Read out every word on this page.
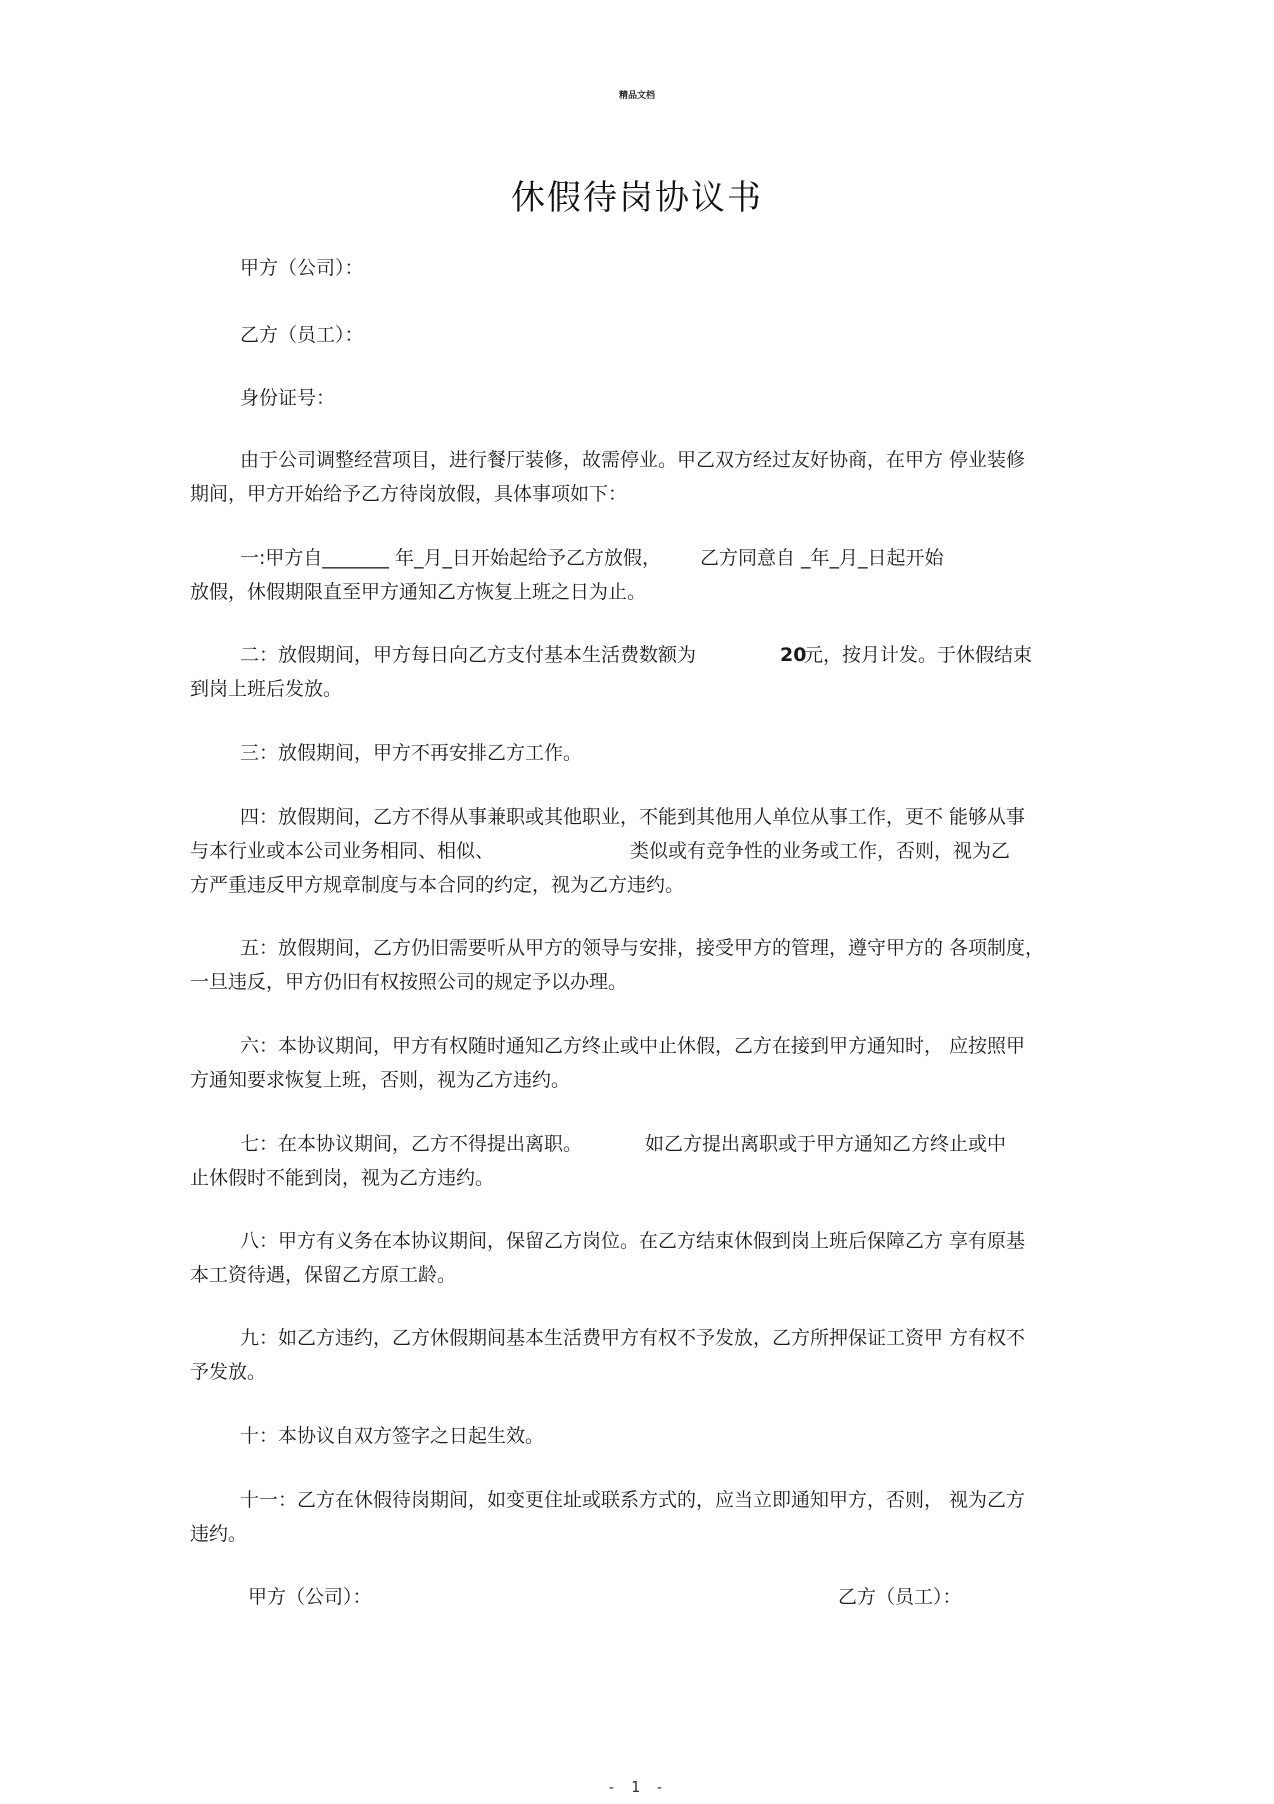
精品文档
休假待岗协议书
甲方（公司）：
乙方（员工）：
身份证号：
由于公司调整经营项目，进行餐厅装修，故需停业。甲乙双方经过友好协商，在甲方 停业装修
期间，甲方开始给予乙方待岗放假，具体事项如下：
一:甲方自_______ 年_月_日开始起给予乙方放假， 乙方同意自 _年_月_日起开始
放假，休假期限直至甲方通知乙方恢复上班之日为止。
二：放假期间，甲方每日向乙方支付基本生活费数额为	20
元，按月计发。于休假结束
到岗上班后发放。
三：放假期间，甲方不再安排乙方工作。
四：放假期间，乙方不得从事兼职或其他职业，不能到其他用人单位从事工作，更不 能够从事
与本行业或本公司业务相同、相似、	类似或有竞争性的业务或工作，否则，视为乙
方严重违反甲方规章制度与本合同的约定，视为乙方违约。
五：放假期间，乙方仍旧需要听从甲方的领导与安排，接受甲方的管理，遵守甲方的 各项制度，
一旦违反，甲方仍旧有权按照公司的规定予以办理。
六：本协议期间，甲方有权随时通知乙方终止或中止休假，乙方在接到甲方通知时， 应按照甲
方通知要求恢复上班，否则，视为乙方违约。
七：在本协议期间，乙方不得提出离职。	如乙方提出离职或于甲方通知乙方终止或中
止休假时不能到岗，视为乙方违约。
八：甲方有义务在本协议期间，保留乙方岗位。在乙方结束休假到岗上班后保障乙方 享有原基
本工资待遇，保留乙方原工龄。
九：如乙方违约，乙方休假期间基本生活费甲方有权不予发放，乙方所押保证工资甲 方有权不
予发放。
十：本协议自双方签字之日起生效。
十一：乙方在休假待岗期间，如变更住址或联系方式的，应当立即通知甲方，否则， 视为乙方
违约。
甲方（公司）：	乙方（员工）：
- 1 -
